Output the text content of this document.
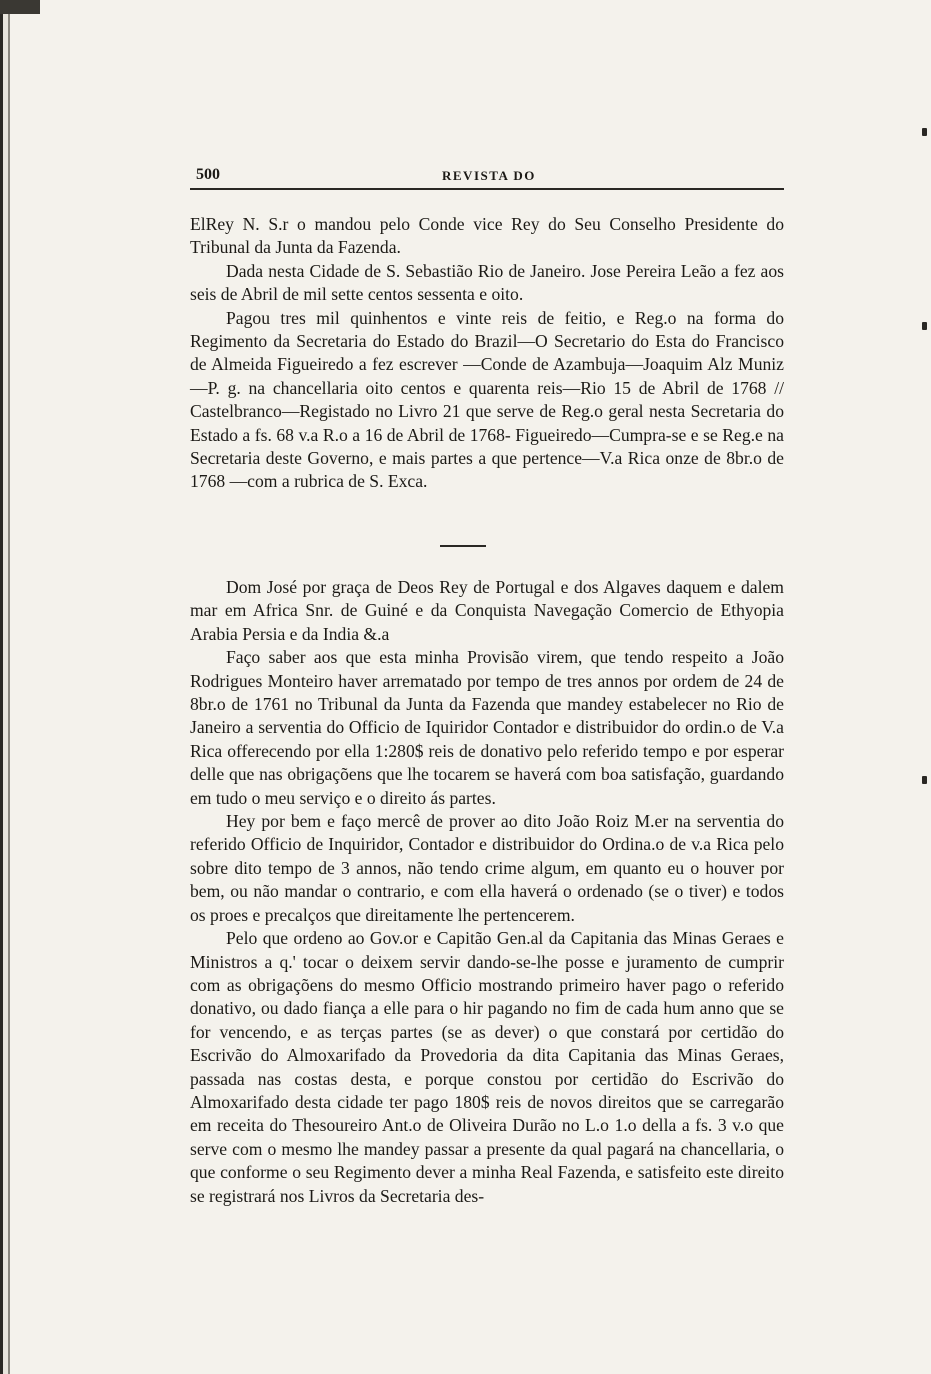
500	REVISTA DO

ElRey N. S.r o mandou pelo Conde vice Rey do Seu Conselho Presidente do Tribunal da Junta da Fazenda.

Dada nesta Cidade de S. Sebastião Rio de Janeiro. Jose Pereira Leão a fez aos seis de Abril de mil sette centos sessenta e oito.

Pagou tres mil quinhentos e vinte reis de feitio, e Reg.o na forma do Regimento da Secretaria do Estado do Brazil—O Secretario do Esta do Francisco de Almeida Figueiredo a fez escrever —Conde de Azambuja—Joaquim Alz Muniz—P. g. na chancellaria oito centos e quarenta reis—Rio 15 de Abril de 1768 // Castelbranco—Registado no Livro 21 que serve de Reg.o geral nesta Secretaria do Estado a fs. 68 v.a R.o a 16 de Abril de 1768- Figueiredo—Cumpra-se e se Reg.e na Secretaria deste Governo, e mais partes a que pertence—V.a Rica onze de 8br.o de 1768 —com a rubrica de S. Exca.

Dom José por graça de Deos Rey de Portugal e dos Algaves daquem e dalem mar em Africa Snr. de Guiné e da Conquista Navegação Comercio de Ethyopia Arabia Persia e da India &.a

Faço saber aos que esta minha Provisão virem, que tendo respeito a João Rodrigues Monteiro haver arrematado por tempo de tres annos por ordem de 24 de 8br.o de 1761 no Tribunal da Junta da Fazenda que mandey estabelecer no Rio de Janeiro a serventia do Officio de Iquiridor Contador e distribuidor do ordin.o de V.a Rica offerecendo por ella 1:280$ reis de donativo pelo referido tempo e por esperar delle que nas obrigaçõens que lhe tocarem se haverá com boa satisfação, guardando em tudo o meu serviço e o direito ás partes.

Hey por bem e faço mercê de prover ao dito João Roiz M.er na serventia do referido Officio de Inquiridor, Contador e distribuidor do Ordina.o de v.a Rica pelo sobre dito tempo de 3 annos, não tendo crime algum, em quanto eu o houver por bem, ou não mandar o contrario, e com ella haverá o ordenado (se o tiver) e todos os proes e precalços que direitamente lhe pertencerem.

Pelo que ordeno ao Gov.or e Capitão Gen.al da Capitania das Minas Geraes e Ministros a q.' tocar o deixem servir dando-se-lhe posse e juramento de cumprir com as obrigaçõens do mesmo Officio mostrando primeiro haver pago o referido donativo, ou dado fiança a elle para o hir pagando no fim de cada hum anno que se for vencendo, e as terças partes (se as dever) o que constará por certidão do Escrivão do Almoxarifado da Provedoria da dita Capitania das Minas Geraes, passada nas costas desta, e porque constou por certidão do Escrivão do Almoxarifado desta cidade ter pago 180$ reis de novos direitos que se carregarão em receita do Thesoureiro Ant.o de Oliveira Durão no L.o 1.o della a fs. 3 v.o que serve com o mesmo lhe mandey passar a presente da qual pagará na chancellaria, o que conforme o seu Regimento dever a minha Real Fazenda, e satisfeito este direito se registrará nos Livros da Secretaria des-
